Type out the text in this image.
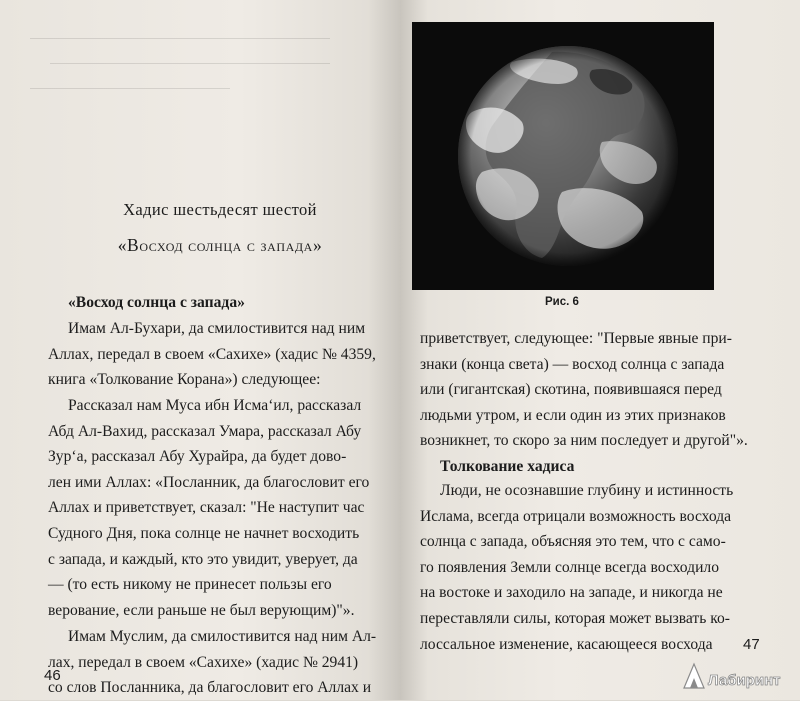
Хадис шестьдесят шестой
«Восход солнца с запада»
«Восход солнца с запада»
Имам Ал-Бухари, да смилостивится над ним
Аллах, передал в своем «Сахихе» (хадис № 4359,
книга «Толкование Корана») следующее:
Рассказал нам Муса ибн Исмаʻил, рассказал
Абд Ал-Вахид, рассказал Умара, рассказал Абу
Зурʻа, рассказал Абу Хурайра, да будет дово-
лен ими Аллах: «Посланник, да благословит его
Аллах и приветствует, сказал: "Не наступит час
Судного Дня, пока солнце не начнет восходить
с запада, и каждый, кто это увидит, уверует, да
— (то есть никому не принесет пользы его
верование, если раньше не был верующим)"».
Имам Муслим, да смилостивится над ним Ал-
лах, передал в своем «Сахихе» (хадис № 2941)
со слов Посланника, да благословит его Аллах и
46
Рис. 6
приветствует, следующее: "Первые явные при-
знаки (конца света) — восход солнца с запада
или (гигантская) скотина, появившаяся перед
людьми утром, и если один из этих признаков
возникнет, то скоро за ним последует и другой"».
Толкование хадиса
Люди, не осознавшие глубину и истинность
Ислама, всегда отрицали возможность восхода
солнца с запада, объясняя это тем, что с само-
го появления Земли солнце всегда восходило
на востоке и заходило на западе, и никогда не
переставляли силы, которая может вызвать ко-
лоссальное изменение, касающееся восхода	47
Лабиринт
